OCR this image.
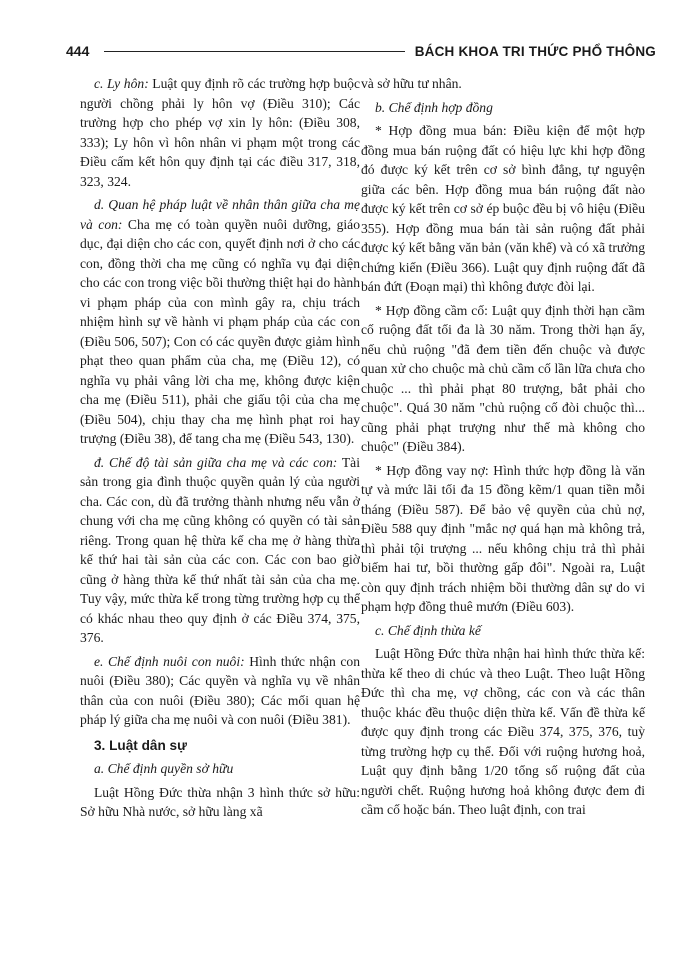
444	BÁCH KHOA TRI THỨC PHỔ THÔNG

c. Ly hôn: Luật quy định rõ các trường hợp buộc người chồng phải ly hôn vợ (Điều 310); Các trường hợp cho phép vợ xin ly hôn: (Điều 308, 333); Ly hôn vì hôn nhân vi phạm một trong các Điều cấm kết hôn quy định tại các điều 317, 318, 323, 324.

d. Quan hệ pháp luật về nhân thân giữa cha mẹ và con: Cha mẹ có toàn quyền nuôi dưỡng, giáo dục, đại diện cho các con, quyết định nơi ở cho các con, đồng thời cha mẹ cũng có nghĩa vụ đại diện cho các con trong việc bồi thường thiệt hại do hành vi phạm pháp của con mình gây ra, chịu trách nhiệm hình sự về hành vi phạm pháp của các con (Điều 506, 507); Con có các quyền được giảm hình phạt theo quan phẩm của cha, mẹ (Điều 12), có nghĩa vụ phải vâng lời cha mẹ, không được kiện cha mẹ (Điều 511), phải che giấu tội của cha mẹ (Điều 504), chịu thay cha mẹ hình phạt roi hay trượng (Điều 38), để tang cha mẹ (Điều 543, 130).

đ. Chế độ tài sản giữa cha mẹ và các con: Tài sản trong gia đình thuộc quyền quản lý của người cha. Các con, dù đã trưởng thành nhưng nếu vẫn ở chung với cha mẹ cũng không có quyền có tài sản riêng. Trong quan hệ thừa kế cha mẹ ở hàng thừa kế thứ hai tài sản của các con. Các con bao giờ cũng ở hàng thừa kế thứ nhất tài sản của cha mẹ. Tuy vậy, mức thừa kế trong từng trường hợp cụ thể có khác nhau theo quy định ở các Điều 374, 375, 376.

e. Chế định nuôi con nuôi: Hình thức nhận con nuôi (Điều 380); Các quyền và nghĩa vụ về nhân thân của con nuôi (Điều 380); Các mối quan hệ pháp lý giữa cha mẹ nuôi và con nuôi (Điều 381).

3. Luật dân sự

a. Chế định quyền sở hữu

Luật Hồng Đức thừa nhận 3 hình thức sở hữu: Sở hữu Nhà nước, sở hữu làng xã

và sở hữu tư nhân.

b. Chế định hợp đồng

* Hợp đồng mua bán: Điều kiện để một hợp đồng mua bán ruộng đất có hiệu lực khi hợp đồng đó được ký kết trên cơ sở bình đẳng, tự nguyện giữa các bên. Hợp đồng mua bán ruộng đất nào được ký kết trên cơ sở ép buộc đều bị vô hiệu (Điều 355). Hợp đồng mua bán tài sản ruộng đất phải được ký kết bằng văn bản (văn khế) và có xã trưởng chứng kiến (Điều 366). Luật quy định ruộng đất đã bán đứt (Đoạn mại) thì không được đòi lại.

* Hợp đồng cầm cố: Luật quy định thời hạn cầm cố ruộng đất tối đa là 30 năm. Trong thời hạn ấy, nếu chủ ruộng "đã đem tiền đến chuộc và được quan xử cho chuộc mà chủ cầm cố lần lữa chưa cho chuộc ... thì phải phạt 80 trượng, bắt phải cho chuộc". Quá 30 năm "chủ ruộng cố đòi chuộc thì... cũng phải phạt trượng như thế mà không cho chuộc" (Điều 384).

* Hợp đồng vay nợ: Hình thức hợp đồng là văn tự và mức lãi tối đa 15 đồng kẽm/1 quan tiền mỗi tháng (Điều 587). Để bảo vệ quyền của chủ nợ, Điều 588 quy định "mắc nợ quá hạn mà không trả, thì phải tội trượng ... nếu không chịu trả thì phải biếm hai tư, bồi thường gấp đôi". Ngoài ra, Luật còn quy định trách nhiệm bồi thường dân sự do vi phạm hợp đồng thuê mướn (Điều 603).

c. Chế định thừa kế

Luật Hồng Đức thừa nhận hai hình thức thừa kế: thừa kế theo di chúc và theo Luật. Theo luật Hồng Đức thì cha mẹ, vợ chồng, các con và các thân thuộc khác đều thuộc diện thừa kế. Vấn đề thừa kế được quy định trong các Điều 374, 375, 376, tuỳ từng trường hợp cụ thể. Đối với ruộng hương hoả, Luật quy định bằng 1/20 tổng số ruộng đất của người chết. Ruộng hương hoả không được đem đi cầm cố hoặc bán. Theo luật định, con trai
